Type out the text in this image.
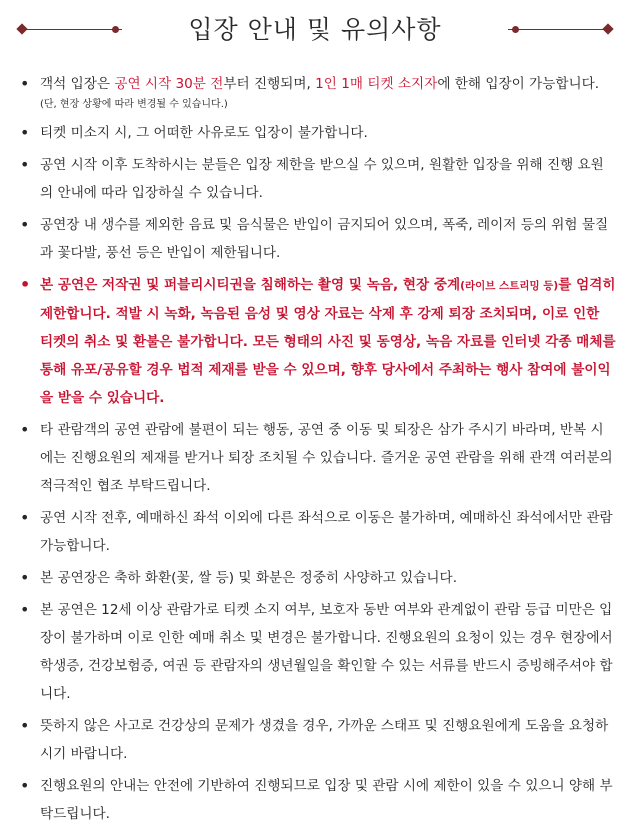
입장 안내 및 유의사항
• 객석 입장은 공연 시작 30분 전부터 진행되며, 1인 1매 티켓 소지자에 한해 입장이 가능합니다.
(단, 현장 상황에 따라 변경될 수 있습니다.)
• 티켓 미소지 시, 그 어떠한 사유로도 입장이 불가합니다.
• 공연 시작 이후 도착하시는 분들은 입장 제한을 받으실 수 있으며, 원활한 입장을 위해 진행 요원의 안내에 따라 입장하실 수 있습니다.
• 공연장 내 생수를 제외한 음료 및 음식물은 반입이 금지되어 있으며, 폭죽, 레이저 등의 위험 물질과 꽃다발, 풍선 등은 반입이 제한됩니다.
• 본 공연은 저작권 및 퍼블리시티권을 침해하는 촬영 및 녹음, 현장 중계(라이브 스트리밍 등)를 엄격히 제한합니다. 적발 시 녹화, 녹음된 음성 및 영상 자료는 삭제 후 강제 퇴장 조치되며, 이로 인한 티켓의 취소 및 환불은 불가합니다. 모든 형태의 사진 및 동영상, 녹음 자료를 인터넷 각종 매체를 통해 유포/공유할 경우 법적 제재를 받을 수 있으며, 향후 당사에서 주최하는 행사 참여에 불이익을 받을 수 있습니다.
• 타 관람객의 공연 관람에 불편이 되는 행동, 공연 중 이동 및 퇴장은 삼가 주시기 바라며, 반복 시에는 진행요원의 제재를 받거나 퇴장 조치될 수 있습니다. 즐거운 공연 관람을 위해 관객 여러분의 적극적인 협조 부탁드립니다.
• 공연 시작 전후, 예매하신 좌석 이외에 다른 좌석으로 이동은 불가하며, 예매하신 좌석에서만 관람 가능합니다.
• 본 공연장은 축하 화환(꽃, 쌀 등) 및 화분은 정중히 사양하고 있습니다.
• 본 공연은 12세 이상 관람가로 티켓 소지 여부, 보호자 동반 여부와 관계없이 관람 등급 미만은 입장이 불가하며 이로 인한 예매 취소 및 변경은 불가합니다. 진행요원의 요청이 있는 경우 현장에서 학생증, 건강보험증, 여권 등 관람자의 생년월일을 확인할 수 있는 서류를 반드시 증빙해주셔야 합니다.
• 뜻하지 않은 사고로 건강상의 문제가 생겼을 경우, 가까운 스태프 및 진행요원에게 도움을 요청하시기 바랍니다.
• 진행요원의 안내는 안전에 기반하여 진행되므로 입장 및 관람 시에 제한이 있을 수 있으니 양해 부탁드립니다.
